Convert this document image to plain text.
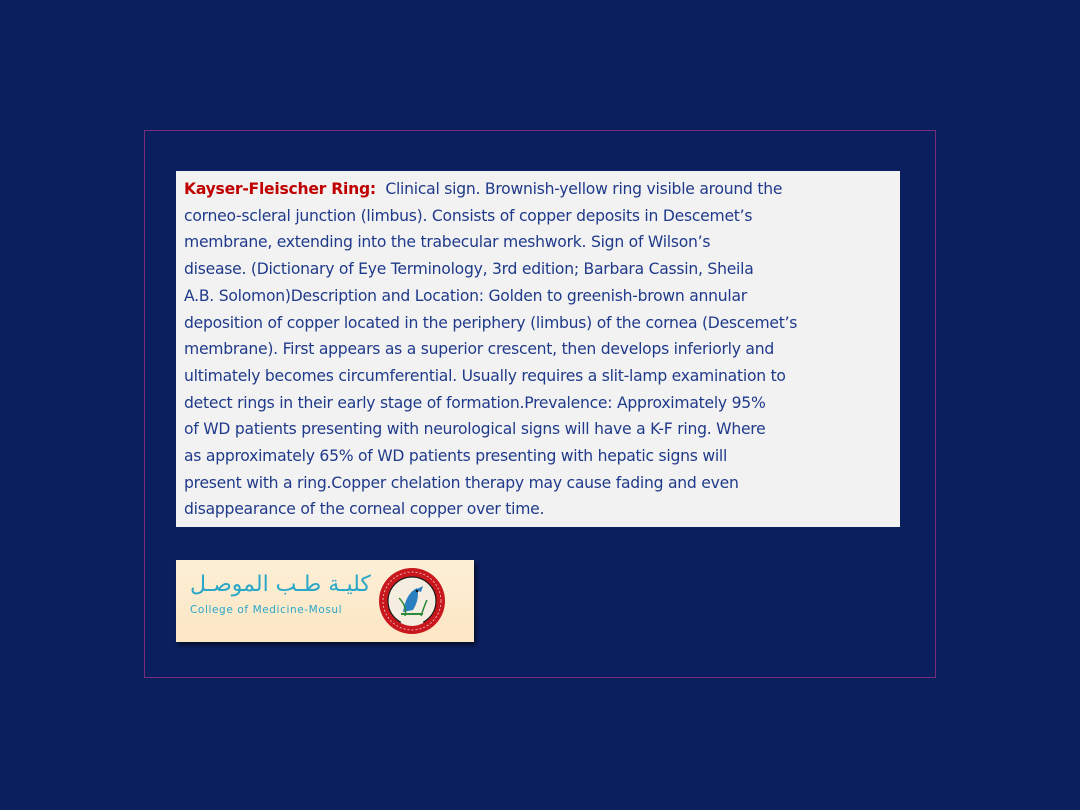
Kayser-Fleischer Ring: Clinical sign. Brownish-yellow ring visible around the
corneo-scleral junction (limbus). Consists of copper deposits in Descemet’s
membrane, extending into the trabecular meshwork. Sign of Wilson’s
disease. (Dictionary of Eye Terminology, 3rd edition; Barbara Cassin, Sheila
A.B. Solomon)Description and Location: Golden to greenish-brown annular
deposition of copper located in the periphery (limbus) of the cornea (Descemet’s
membrane). First appears as a superior crescent, then develops inferiorly and
ultimately becomes circumferential. Usually requires a slit-lamp examination to
detect rings in their early stage of formation.Prevalence: Approximately 95%
of WD patients presenting with neurological signs will have a K-F ring. Where
as approximately 65% of WD patients presenting with hepatic signs will
present with a ring.Copper chelation therapy may cause fading and even
disappearance of the corneal copper over time.
كليـة طـب الموصـل
College of Medicine-Mosul
